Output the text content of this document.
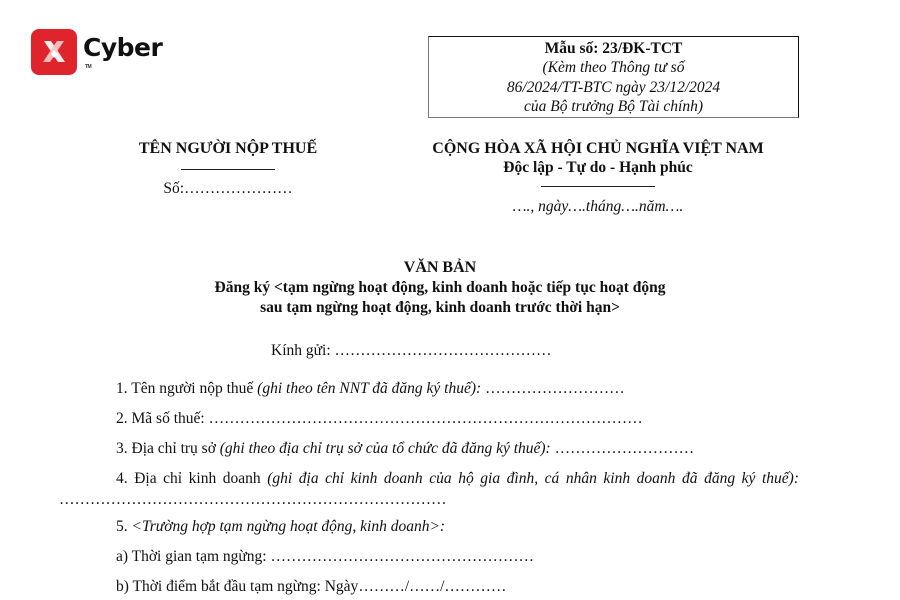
Cyber
TM
Mẫu số: 23/ĐK-TCT
(Kèm theo Thông tư số
86/2024/TT-BTC ngày 23/12/2024
của Bộ trưởng Bộ Tài chính)
TÊN NGƯỜI NỘP THUẾ
Số:…………………
CỘNG HÒA XÃ HỘI CHỦ NGHĨA VIỆT NAM
Độc lập - Tự do - Hạnh phúc
…., ngày….tháng….năm….
VĂN BẢN
Đăng ký <tạm ngừng hoạt động, kinh doanh hoặc tiếp tục hoạt động
sau tạm ngừng hoạt động, kinh doanh trước thời hạn>
Kính gửi: ……………………………………
1. Tên người nộp thuế (ghi theo tên NNT đã đăng ký thuế): ………………………
2. Mã số thuế: …………………………………………………………………………
3. Địa chỉ trụ sở (ghi theo địa chỉ trụ sở của tổ chức đã đăng ký thuế): ………………………
4. Địa chỉ kinh doanh (ghi địa chỉ kinh doanh của hộ gia đình, cá nhân kinh doanh đã đăng ký thuế): …………………………………………………………………
5. <Trường hợp tạm ngừng hoạt động, kinh doanh>:
a) Thời gian tạm ngừng: ……………………………………………
b) Thời điểm bắt đầu tạm ngừng: Ngày………/……/…………
